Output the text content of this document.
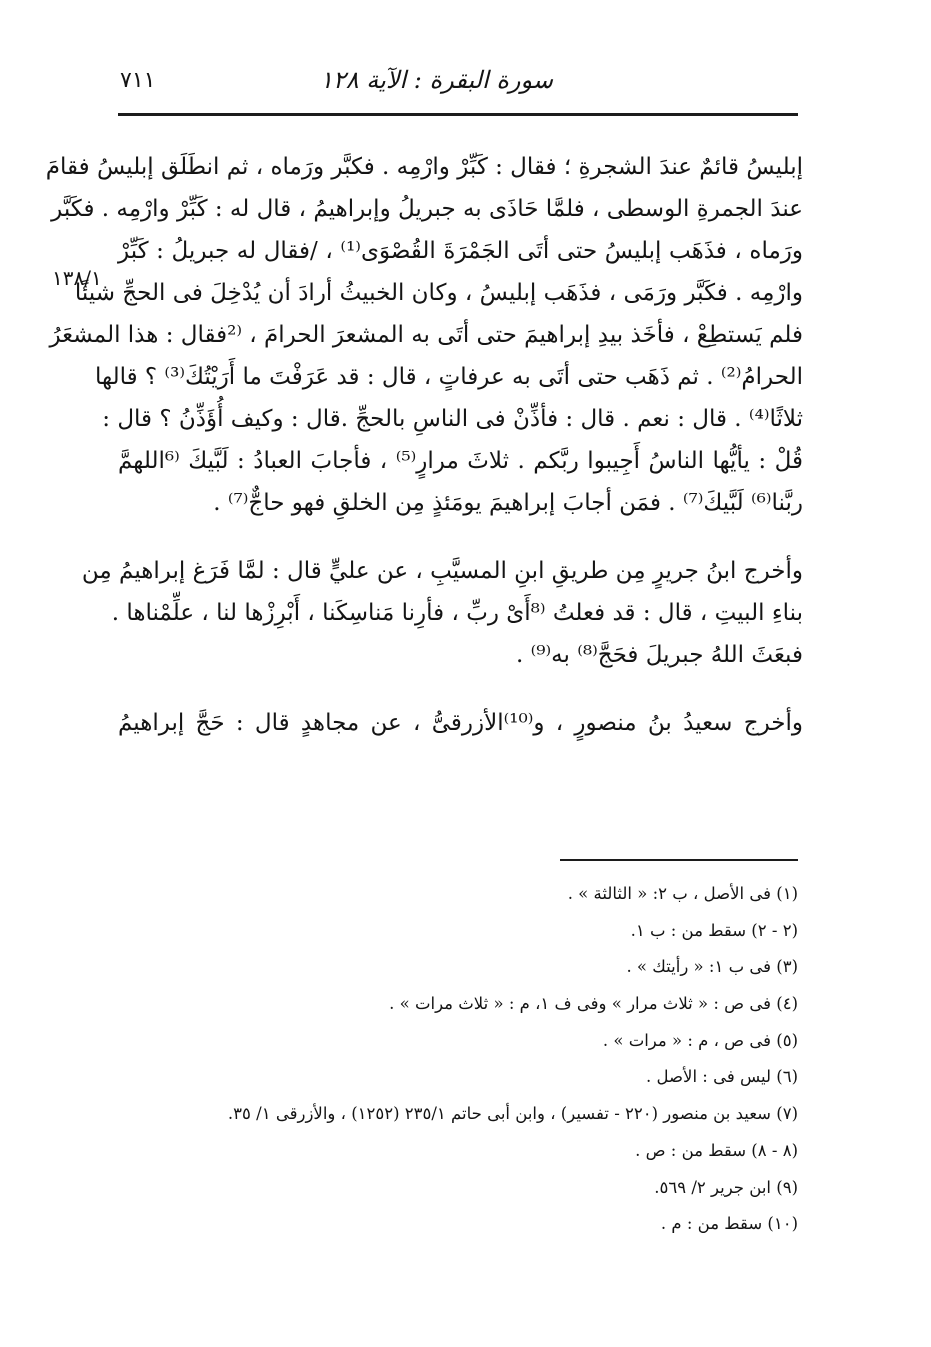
سورة البقرة : الآية ١٢٨
٧١١
١٣٨/١
إبليسُ قائمٌ عندَ الشجرةِ ؛ فقال : كَبِّرْ وارْمِه . فكبَّر ورَماه ، ثم انطَلَق إبليسُ فقامَ
عندَ الجمرةِ الوسطى ، فلمَّا حَاذَى به جبريلُ وإبراهيمُ ، قال له : كَبِّرْ وارْمِه . فكَبَّر
ورَماه ، فذَهَب إبليسُ حتى أتَى الجَمْرَةَ القُصْوَى⁽¹⁾ ، /فقال له جبريلُ : كَبِّرْ
وارْمِه . فكَبَّر ورَمَى ، فذَهَب إبليسُ ، وكان الخبيثُ أرادَ أن يُدْخِلَ فى الحجِّ شيئًا
فلم يَستطِعْ ، فأخَذ بيدِ إبراهيمَ حتى أتَى به المشعرَ الحرامَ ، ⁽²فقال : هذا المشعَرُ
الحرامُ⁽²⁾ . ثم ذَهَب حتى أتَى به عرفاتٍ ، قال : قد عَرَفْتَ ما أَرَيْتُكَ⁽³⁾ ؟ قالها
ثلاثًا⁽⁴⁾ . قال : نعم . قال : فأذِّنْ فى الناسِ بالحجِّ .قال : وكيف أُؤَذِّنُ ؟ قال :
قُلْ : يأيُّها الناسُ أَجِيبوا ربَّكم . ثلاثَ مرارٍ⁽⁵⁾ ، فأجابَ العبادُ : لَبَّيكَ ⁽⁶اللهمَّ
ربَّنا⁽⁶⁾ لَبَّيكَ⁽⁷⁾ . فمَن أجابَ إبراهيمَ يومَئذٍ مِن الخلقِ فهو حاجٌّ⁽⁷⁾ .
وأخرج ابنُ جريرٍ مِن طريقِ ابنِ المسيَّبِ ، عن عليٍّ قال : لمَّا فَرَغ إبراهيمُ مِن
بناءِ البيتِ ، قال : قد فعلتُ ⁽⁸أَىْ ربِّ ، فأرِنا مَناسِكَنا ، أَبْرِزْها لنا ، علِّمْناها .
فبعَثَ اللهُ جبريلَ فحَجَّ⁽⁸⁾ به⁽⁹⁾ .
وأخرج سعيدُ بنُ منصورٍ ، و⁽¹⁰⁾الأزرقىُّ ، عن مجاهدٍ قال : حَجَّ إبراهيمُ
(١) فى الأصل ، ب ٢: « الثالثة » .
(٢ - ٢) سقط من : ب ١.
(٣) فى ب ١: « رأيتك » .
(٤) فى ص : « ثلاث مرار » وفى ف ١، م : « ثلاث مرات » .
(٥) فى ص ، م : « مرات » .
(٦) ليس فى : الأصل .
(٧) سعيد بن منصور (٢٢٠ - تفسير) ، وابن أبى حاتم ٢٣٥/١ (١٢٥٢) ، والأزرقى ١/ ٣٥.
(٨ - ٨) سقط من : ص .
(٩) ابن جرير ٢/ ٥٦٩.
(١٠) سقط من : م .
